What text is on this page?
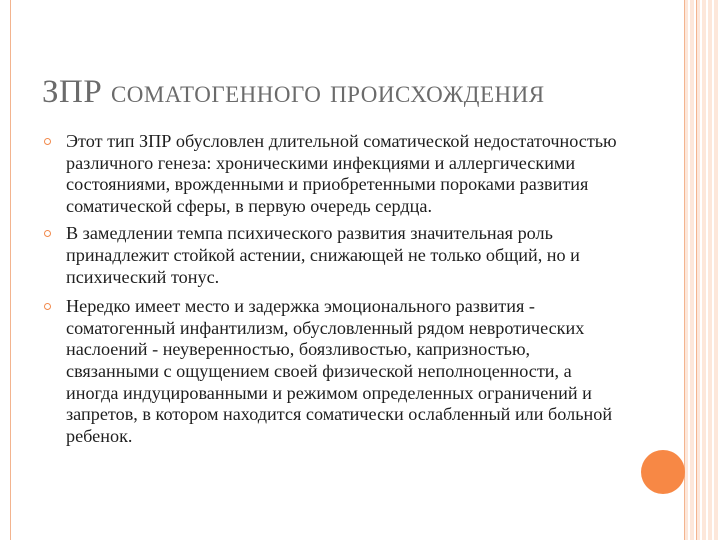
ЗПР соматогенного происхождения
Этот тип ЗПР обусловлен длительной соматической недостаточностью различного генеза: хроническими инфекциями и аллергическими состояниями, врожденными и приобретенными пороками развития соматической сферы, в первую очередь сердца.
В замедлении темпа психического развития значительная роль принадлежит стойкой астении, снижающей не только общий, но и психический тонус.
Нередко имеет место и задержка эмоционального развития - соматогенный инфантилизм, обусловленный рядом невротических наслоений - неуверенностью, боязливостью, капризностью, связанными с ощущением своей физической неполноценности, а иногда индуцированными и режимом определенных ограничений и запретов, в котором находится соматически ослабленный или больной ребенок.
